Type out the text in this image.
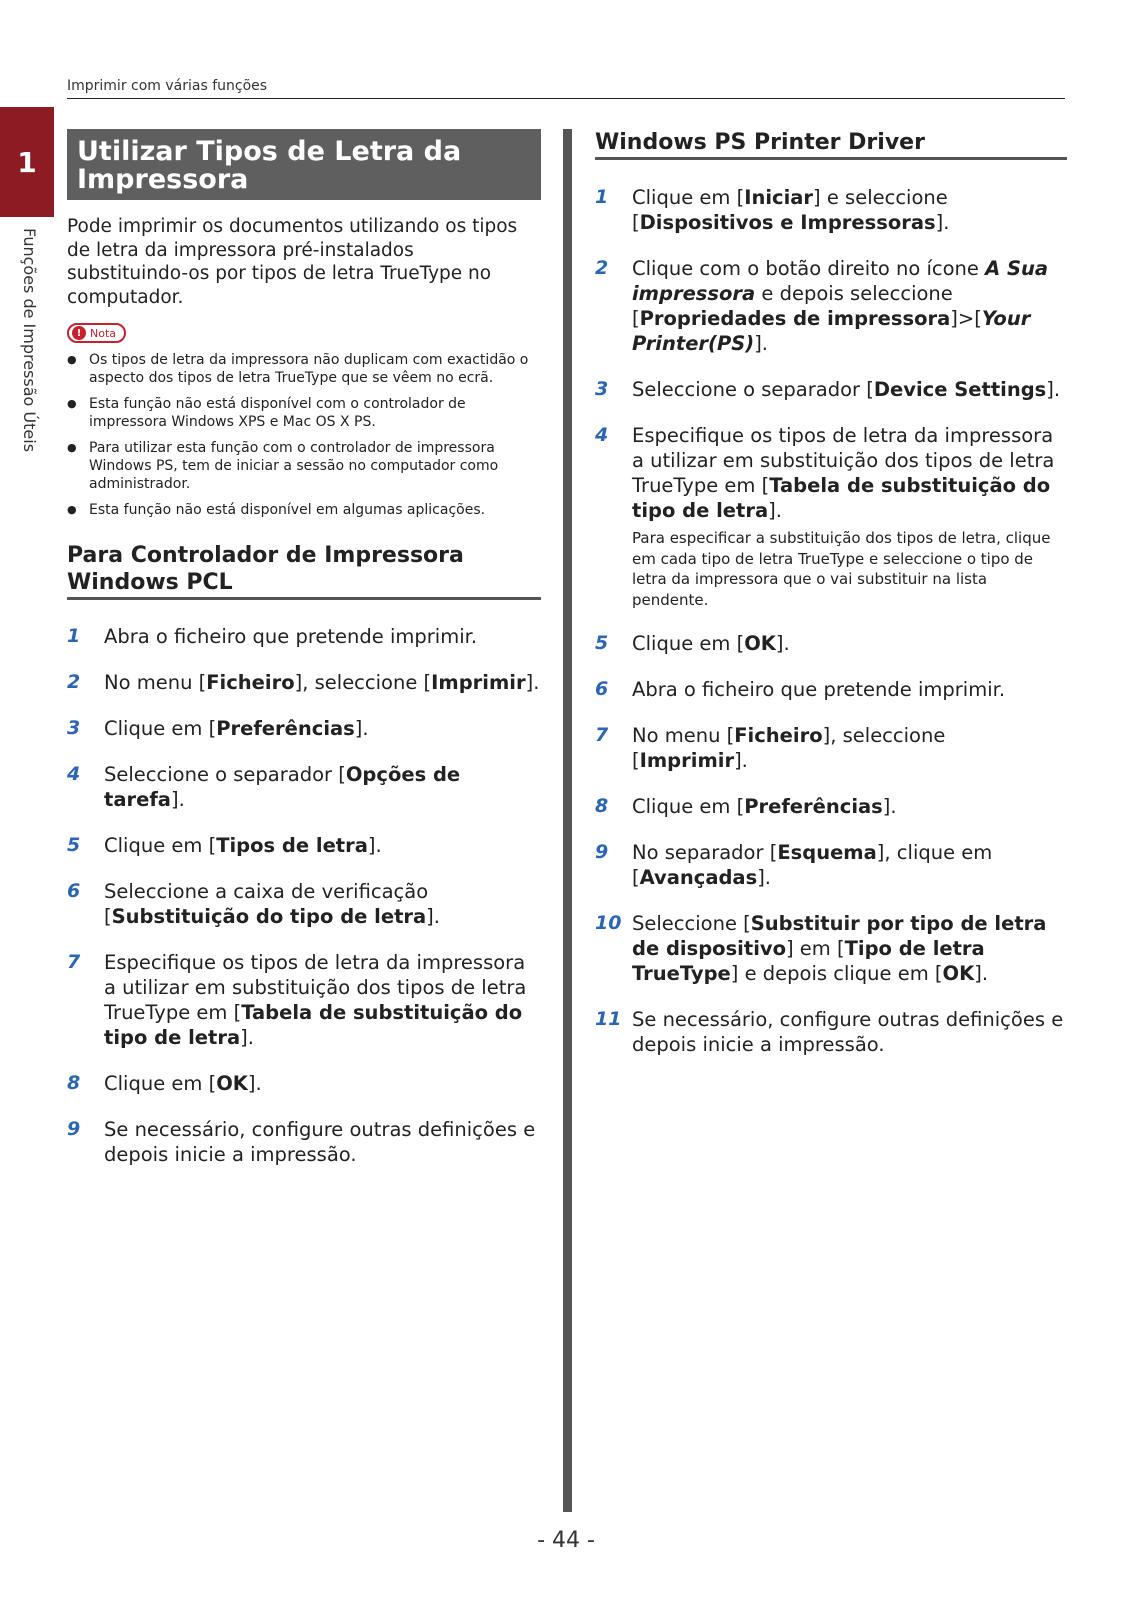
Imprimir com várias funções
1
Funções de Impressão Úteis
Utilizar Tipos de Letra da Impressora

Pode imprimir os documentos utilizando os tipos de letra da impressora pré-instalados substituindo-os por tipos de letra TrueType no computador.

! Nota
● Os tipos de letra da impressora não duplicam com exactidão o aspecto dos tipos de letra TrueType que se vêem no ecrã.
● Esta função não está disponível com o controlador de impressora Windows XPS e Mac OS X PS.
● Para utilizar esta função com o controlador de impressora Windows PS, tem de iniciar a sessão no computador como administrador.
● Esta função não está disponível em algumas aplicações.
Para Controlador de Impressora Windows PCL
1	Abra o ficheiro que pretende imprimir.
2	No menu [Ficheiro], seleccione [Imprimir].
3	Clique em [Preferências].
4	Seleccione o separador [Opções de tarefa].
5	Clique em [Tipos de letra].
6	Seleccione a caixa de verificação [Substituição do tipo de letra].
7	Especifique os tipos de letra da impressora a utilizar em substituição dos tipos de letra TrueType em [Tabela de substituição do tipo de letra].
8	Clique em [OK].
9	Se necessário, configure outras definições e depois inicie a impressão.
Windows PS Printer Driver
1	Clique em [Iniciar] e seleccione [Dispositivos e Impressoras].
2	Clique com o botão direito no ícone A Sua impressora e depois seleccione [Propriedades de impressora]>[Your Printer(PS)].
3	Seleccione o separador [Device Settings].
4	Especifique os tipos de letra da impressora a utilizar em substituição dos tipos de letra TrueType em [Tabela de substituição do tipo de letra].
Para especificar a substituição dos tipos de letra, clique em cada tipo de letra TrueType e seleccione o tipo de letra da impressora que o vai substituir na lista pendente.
5	Clique em [OK].
6	Abra o ficheiro que pretende imprimir.
7	No menu [Ficheiro], seleccione [Imprimir].
8	Clique em [Preferências].
9	No separador [Esquema], clique em [Avançadas].
10 Seleccione [Substituir por tipo de letra de dispositivo] em [Tipo de letra TrueType] e depois clique em [OK].
11 Se necessário, configure outras definições e depois inicie a impressão.
- 44 -
